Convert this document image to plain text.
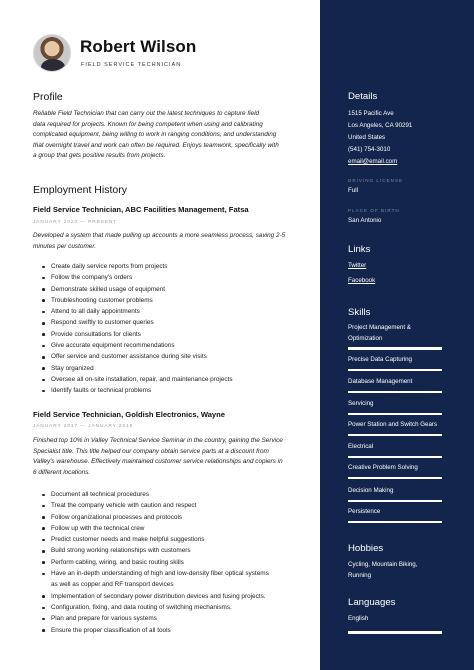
Robert Wilson
FIELD SERVICE TECHNICIAN
Profile
Reliable Field Technician that can carry out the latest techniques to capture field
data required for projects. Known for being competent when using and calibrating
complicated equipment, being willing to work in ranging conditions, and understanding
that overnight travel and work can often be required. Enjoys teamwork, specifically with
a group that gets positive results from projects.
Employment History
Field Service Technician, ABC Facilities Management, Fatsa
JANUARY 2020 — PRESENT
Developed a system that made pulling up accounts a more seamless process, saving 2-5
minutes per customer.
Create daily service reports from projects
Follow the company's orders
Demonstrate skilled usage of equipment
Troubleshooting customer problems
Attend to all daily appointments
Respond swiftly to customer queries
Provide consultations for clients
Give accurate equipment recommendations
Offer service and customer assistance during site visits
Stay organized
Oversee all on-site installation, repair, and maintenance projects
Identify faults or technical problems
Field Service Technician, Goldish Electronics, Wayne
JANUARY 2017 — JANUARY 2018
Finished top 10% in Valley Technical Service Seminar in the country, gaining the Service
Specialist title. This title helped our company obtain service parts at a discount from
Valley's warehouse. Effectively maintained customer service relationships and copiers in
6 different locations.
Document all technical procedures
Treat the company vehicle with caution and respect
Follow organizational processes and protocols
Follow up with the technical crew
Predict customer needs and make helpful suggestions
Build strong working relationships with customers
Perform cabling, wiring, and basic routing skills
Have an in-depth understanding of high and low-density fiber optical systems
as well as copper and RF transport devices
Implementation of secondary power distribution devices and fusing projects.
Configuration, fixing, and data routing of switching mechanisms.
Plan and prepare for various systems
Ensure the proper classification of all tools
Details
1515 Pacific Ave
Los Angeles, CA 90291
United States
(541) 754-3010
email@email.com
DRIVING LICENSE
Full
PLACE OF BIRTH
San Antonio
Links
Twitter
Facebook
Skills
Project Management &
Optimization
Precise Data Capturing
Database Management
Servicing
Power Station and Switch Gears
Electrical
Creative Problem Solving
Decision Making
Persistence
Hobbies
Cycling, Mountain Biking,
Running
Languages
English
